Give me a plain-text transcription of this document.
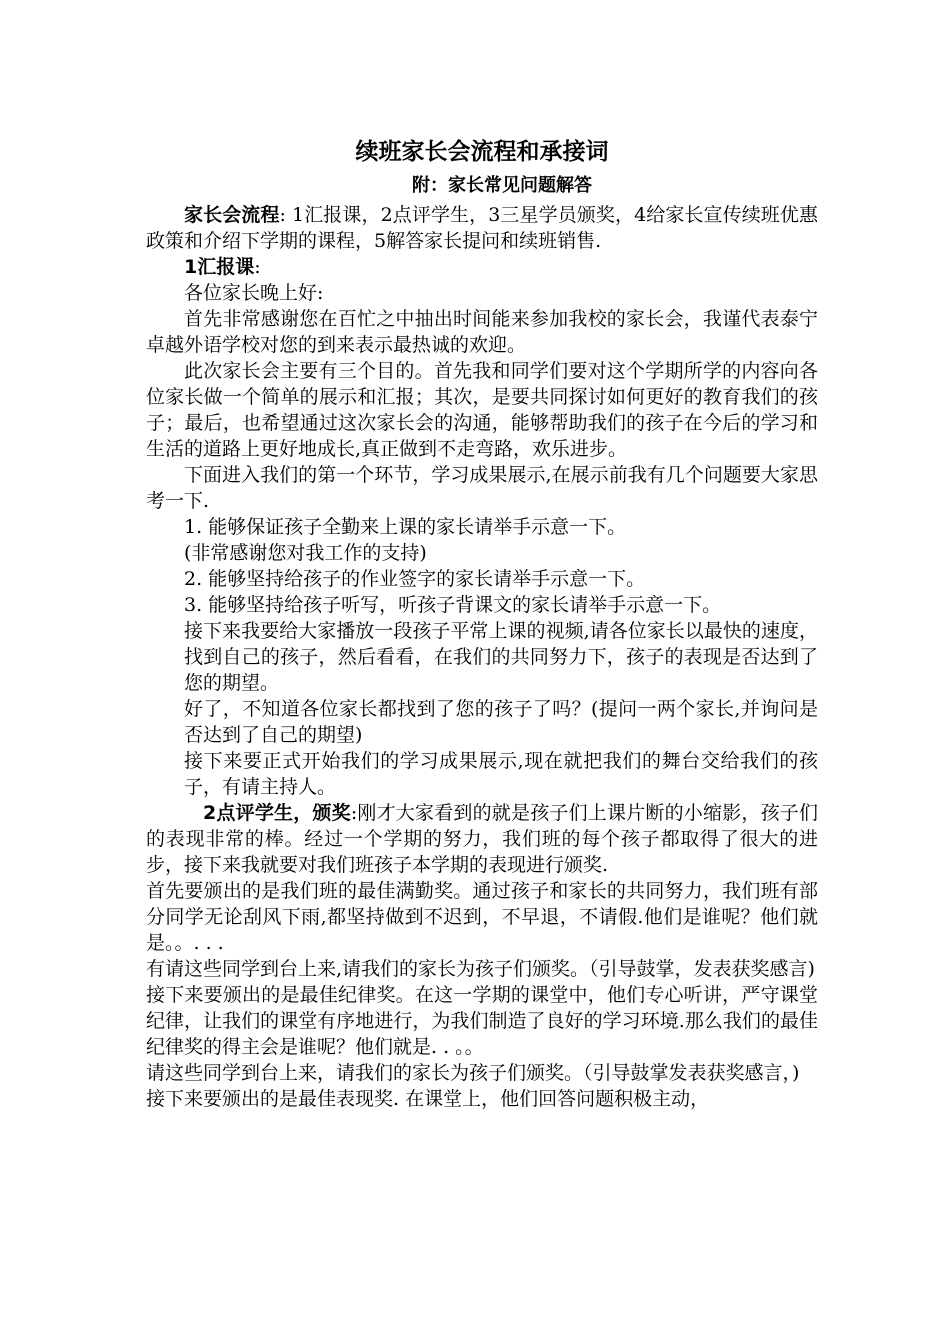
续班家长会流程和承接词
附：家长常见问题解答

家长会流程: 1汇报课，2点评学生，3三星学员颁奖，4给家长宣传续班优惠政策和介绍下学期的课程，5解答家长提问和续班销售.

1汇报课:

各位家长晚上好:

首先非常感谢您在百忙之中抽出时间能来参加我校的家长会，我谨代表泰宁卓越外语学校对您的到来表示最热诚的欢迎。

此次家长会主要有三个目的。首先我和同学们要对这个学期所学的内容向各位家长做一个简单的展示和汇报；其次，是要共同探讨如何更好的教育我们的孩子；最后，也希望通过这次家长会的沟通，能够帮助我们的孩子在今后的学习和生活的道路上更好地成长,真正做到不走弯路，欢乐进步。

下面进入我们的第一个环节，学习成果展示,在展示前我有几个问题要大家思考一下.

1. 能够保证孩子全勤来上课的家长请举手示意一下。

(非常感谢您对我工作的支持)

2. 能够坚持给孩子的作业签字的家长请举手示意一下。

3. 能够坚持给孩子听写，听孩子背课文的家长请举手示意一下。

接下来我要给大家播放一段孩子平常上课的视频,请各位家长以最快的速度，找到自己的孩子，然后看看，在我们的共同努力下，孩子的表现是否达到了您的期望。

好了，不知道各位家长都找到了您的孩子了吗？(提问一两个家长,并询问是否达到了自己的期望)

接下来要正式开始我们的学习成果展示,现在就把我们的舞台交给我们的孩子，有请主持人。

2点评学生，颁奖:刚才大家看到的就是孩子们上课片断的小缩影，孩子们的表现非常的棒。经过一个学期的努力，我们班的每个孩子都取得了很大的进步，接下来我就要对我们班孩子本学期的表现进行颁奖.

首先要颁出的是我们班的最佳满勤奖。通过孩子和家长的共同努力，我们班有部分同学无论刮风下雨,都坚持做到不迟到，不早退，不请假.他们是谁呢？他们就是。。. . .

有请这些同学到台上来,请我们的家长为孩子们颁奖。（引导鼓掌，发表获奖感言)

接下来要颁出的是最佳纪律奖。在这一学期的课堂中，他们专心听讲，严守课堂纪律，让我们的课堂有序地进行，为我们制造了良好的学习环境.那么我们的最佳纪律奖的得主会是谁呢？他们就是. . 。。

请这些同学到台上来，请我们的家长为孩子们颁奖。（引导鼓掌发表获奖感言，)

接下来要颁出的是最佳表现奖. 在课堂上，他们回答问题积极主动，
